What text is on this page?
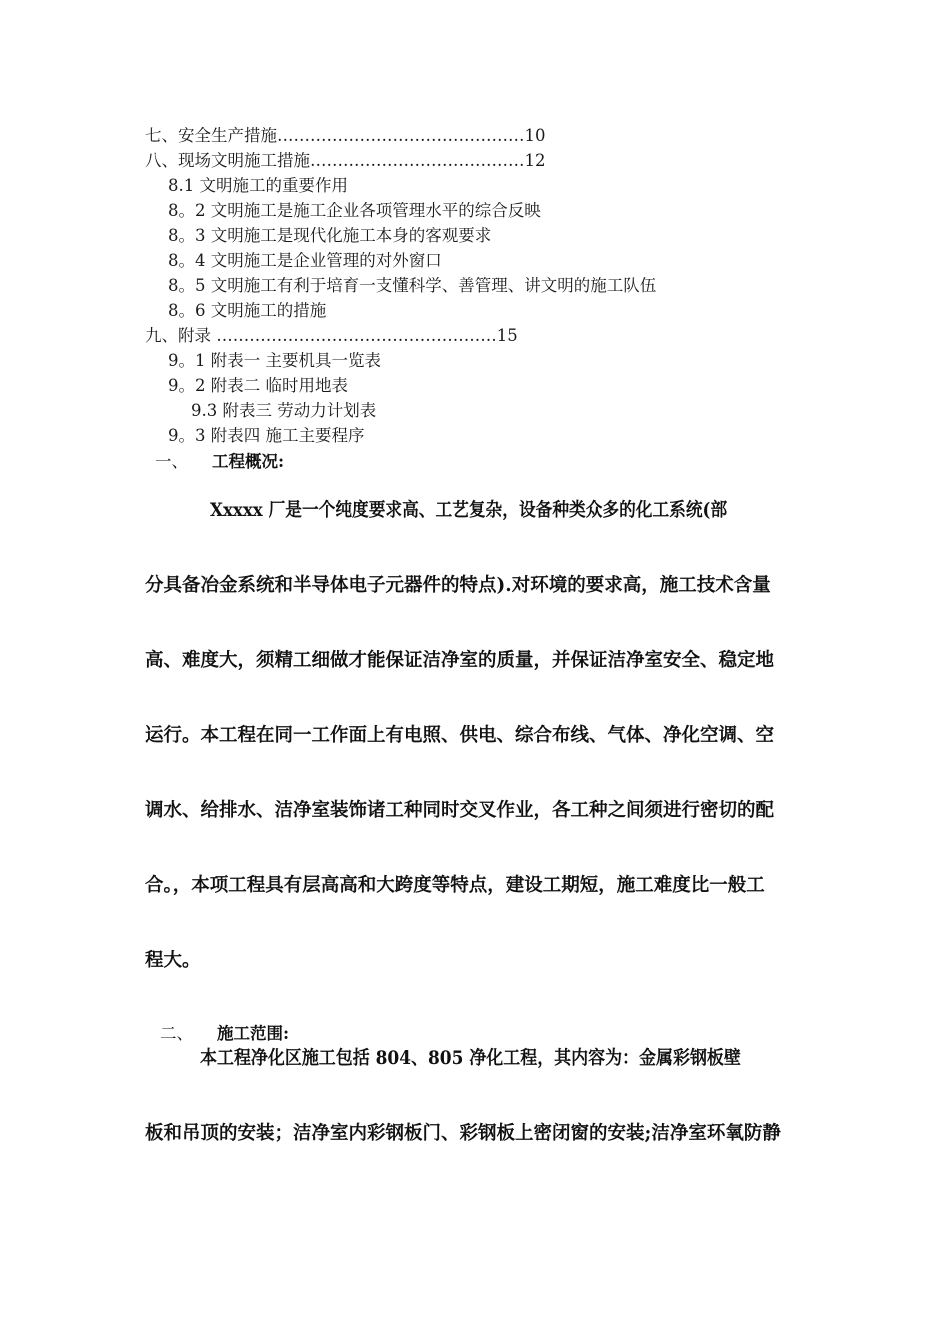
七、安全生产措施………………………………………10
八、现场文明施工措施…………………………………12
8.1 文明施工的重要作用
8。2 文明施工是施工企业各项管理水平的综合反映
8。3 文明施工是现代化施工本身的客观要求
8。4 文明施工是企业管理的对外窗口
8。5 文明施工有利于培育一支懂科学、善管理、讲文明的施工队伍
8。6 文明施工的措施
九、附录 ……………………………………………15
9。1 附表一 主要机具一览表
9。2 附表二 临时用地表
9.3 附表三 劳动力计划表
9。3 附表四 施工主要程序
一、 工程概况:
Xxxxx 厂是一个纯度要求高、工艺复杂，设备种类众多的化工系统(部
分具备冶金系统和半导体电子元器件的特点).对环境的要求高，施工技术含量
高、难度大，须精工细做才能保证洁净室的质量，并保证洁净室安全、稳定地
运行。本工程在同一工作面上有电照、供电、综合布线、气体、净化空调、空
调水、给排水、洁净室装饰诸工种同时交叉作业，各工种之间须进行密切的配
合。，本项工程具有层高高和大跨度等特点，建设工期短，施工难度比一般工
程大。
二、 施工范围:
本工程净化区施工包括 804、805 净化工程，其内容为：金属彩钢板壁
板和吊顶的安装；洁净室内彩钢板门、彩钢板上密闭窗的安装;洁净室环氧防静
